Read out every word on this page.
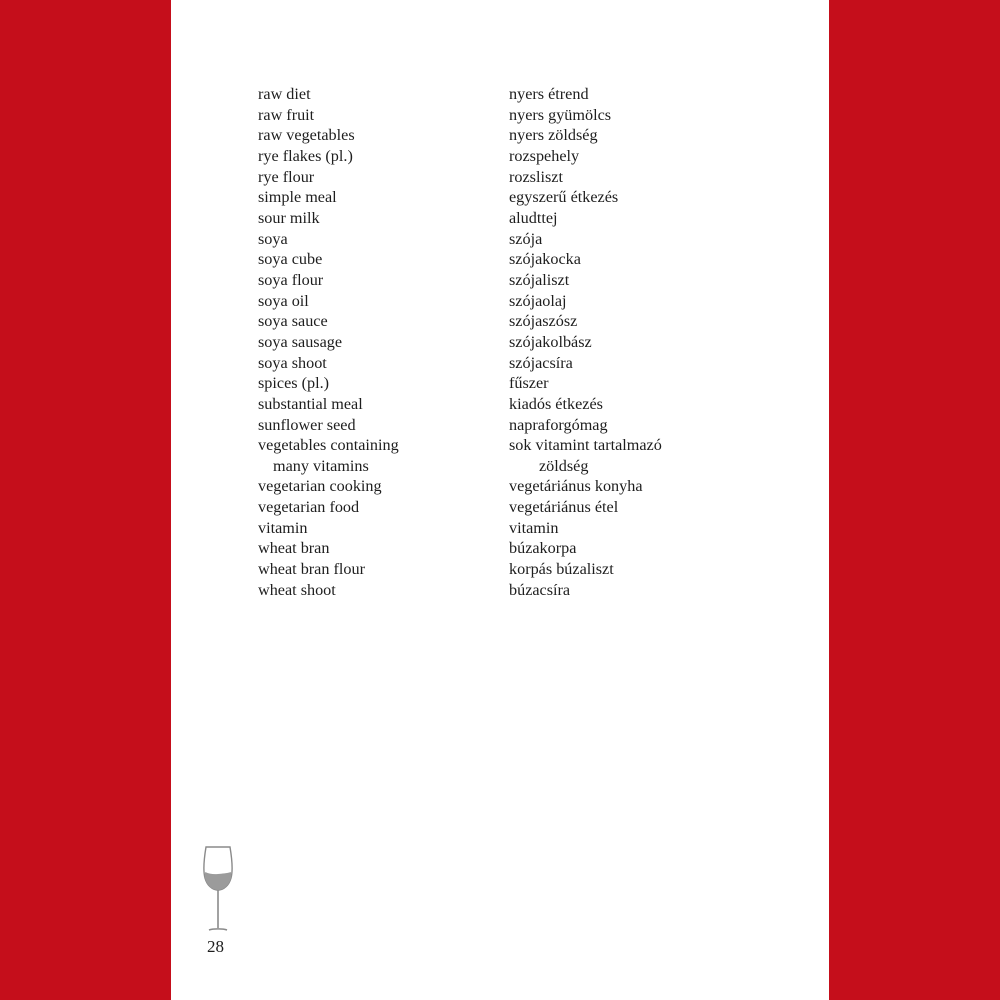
raw diet	nyers étrend
raw fruit	nyers gyümölcs
raw vegetables	nyers zöldség
rye flakes (pl.)	rozspehely
rye flour	rozsliszt
simple meal	egyszerű étkezés
sour milk	aludttej
soya	szója
soya cube	szójakocka
soya flour	szójaliszt
soya oil	szójaolaj
soya sauce	szójaszósz
soya sausage	szójakolbász
soya shoot	szójacsíra
spices (pl.)	fűszer
substantial meal	kiadós étkezés
sunflower seed	napraforgómag
vegetables containing	sok vitamint tartalmazó
many vitamins	zöldség
vegetarian cooking	vegetáriánus konyha
vegetarian food	vegetáriánus étel
vitamin	vitamin
wheat bran	búzakorpa
wheat bran flour	korpás búzaliszt
wheat shoot	búzacsíra
28
